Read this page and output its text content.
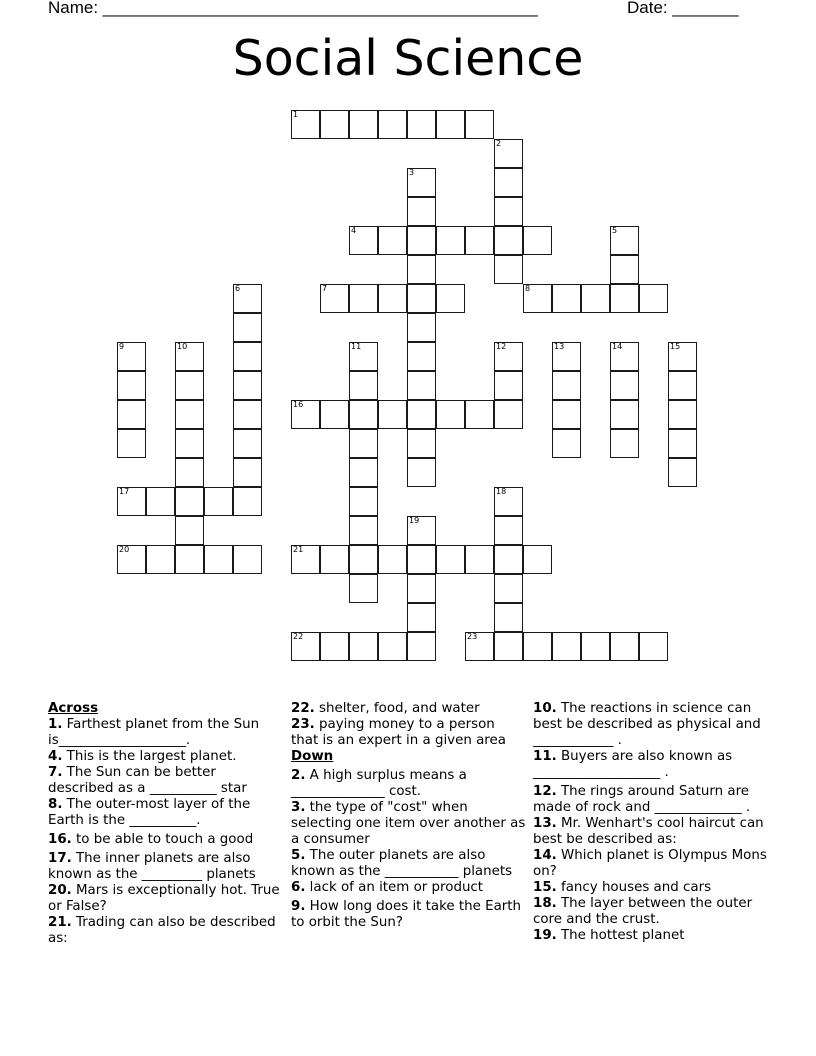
Name: ______________________________________________	Date: _______
Social Science
1
2
3
4	5
6	7	8
9	10	11	12	13	14	15
16
17	18
19
20	21
22	23
Across
1. Farthest planet from the Sun is___________________.
4. This is the largest planet.
7. The Sun can be better described as a __________ star
8. The outer-most layer of the Earth is the __________.
16. to be able to touch a good
17. The inner planets are also known as the _________ planets
20. Mars is exceptionally hot. True or False?
21. Trading can also be described as:
22. shelter, food, and water
23. paying money to a person that is an expert in a given area
Down
2. A high surplus means a ______________ cost.
3. the type of "cost" when selecting one item over another as a consumer
5. The outer planets are also known as the ___________ planets
6. lack of an item or product
9. How long does it take the Earth to orbit the Sun?
10. The reactions in science can best be described as physical and ____________ .
11. Buyers are also known as ___________________ .
12. The rings around Saturn are made of rock and _____________ .
13. Mr. Wenhart's cool haircut can best be described as:
14. Which planet is Olympus Mons on?
15. fancy houses and cars
18. The layer between the outer core and the crust.
19. The hottest planet
